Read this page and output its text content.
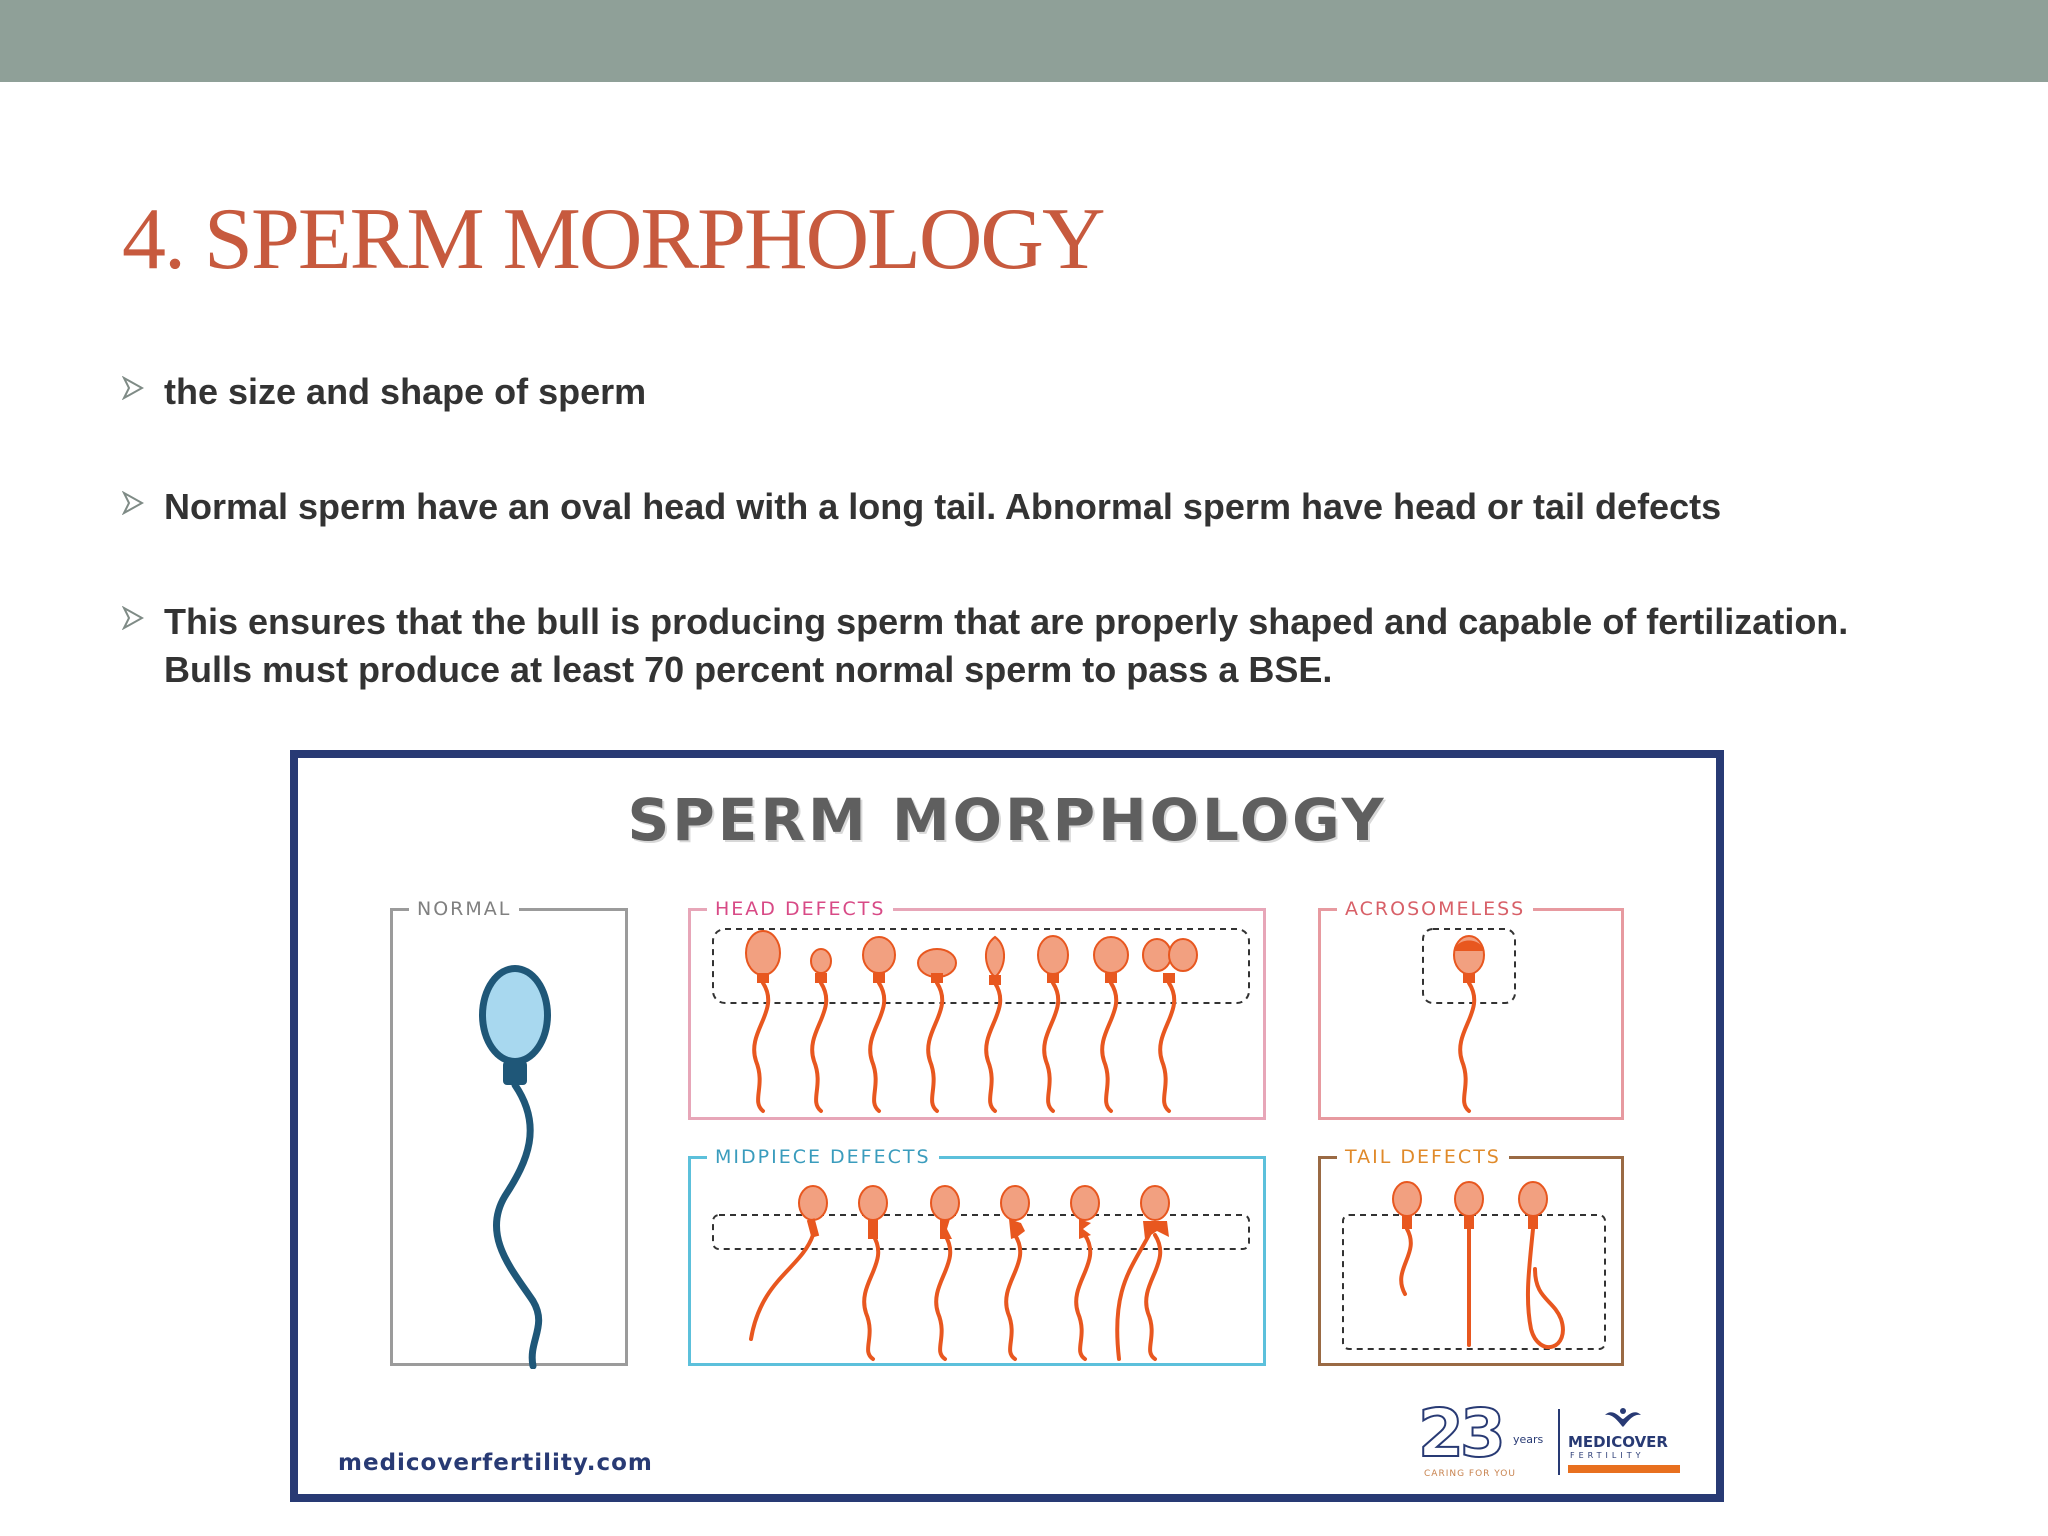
4. SPERM MORPHOLOGY
the size and shape of sperm
Normal sperm have an oval head with a long tail. Abnormal sperm have head or tail defects
This ensures that the bull is producing sperm that are properly shaped and capable of fertilization. Bulls must produce at least 70 percent normal sperm to pass a BSE.
SPERM MORPHOLOGY
NORMAL	HEAD DEFECTS	ACROSOMELESS
MIDPIECE DEFECTS	TAIL DEFECTS
medicoverfertility.com	23 years
CARING FOR YOU
MEDICOVER
FERTILITY
